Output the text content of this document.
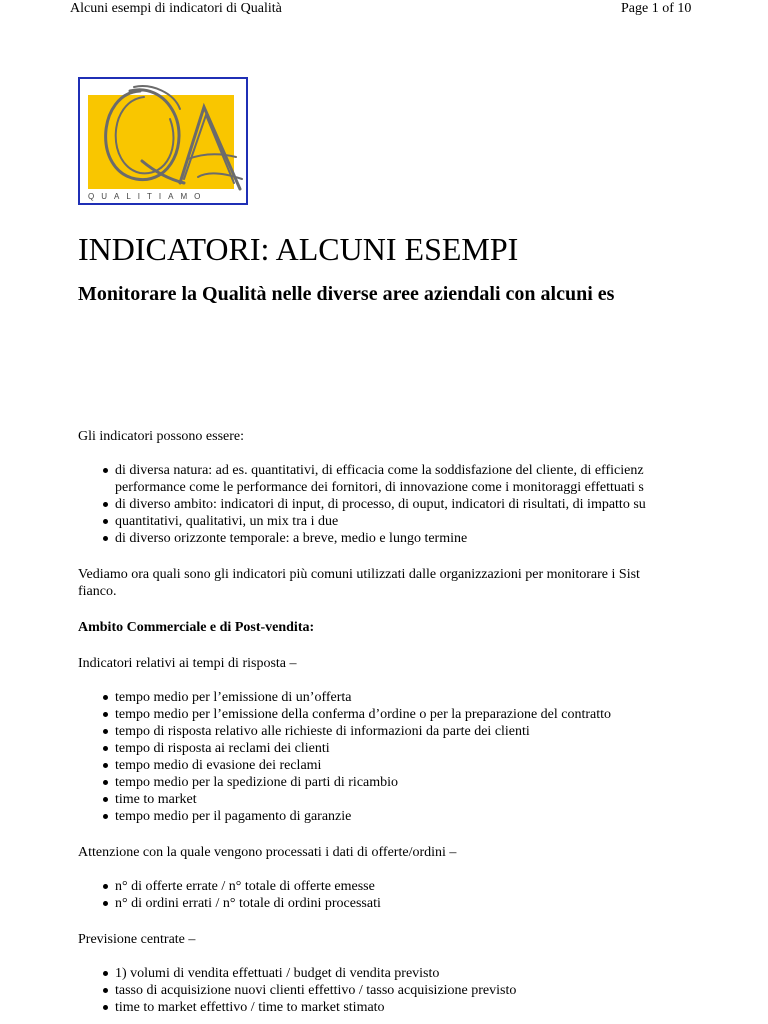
Alcuni esempi di indicatori di Qualità	Page 1 of 10
QUALITIAMO
INDICATORI: ALCUNI ESEMPI
Monitorare la Qualità nelle diverse aree aziendali con alcuni es

Gli indicatori possono essere:

di diversa natura: ad es. quantitativi, di efficacia come la soddisfazione del cliente, di efficienz

performance come le performance dei fornitori, di innovazione come i monitoraggi effettuati s

di diverso ambito: indicatori di input, di processo, di ouput, indicatori di risultati, di impatto su
quantitativi, qualitativi, un mix tra i due
di diverso orizzonte temporale: a breve, medio e lungo termine

Vediamo ora quali sono gli indicatori più comuni utilizzati dalle organizzazioni per monitorare i Sist

fianco.

Ambito Commerciale e di Post-vendita:

Indicatori relativi ai tempi di risposta –

tempo medio per l’emissione di un’offerta
tempo medio per l’emissione della conferma d’ordine o per la preparazione del contratto
tempo di risposta relativo alle richieste di informazioni da parte dei clienti
tempo di risposta ai reclami dei clienti
tempo medio di evasione dei reclami
tempo medio per la spedizione di parti di ricambio
time to market
tempo medio per il pagamento di garanzie

Attenzione con la quale vengono processati i dati di offerte/ordini –

n° di offerte errate / n° totale di offerte emesse
n° di ordini errati / n° totale di ordini processati

Previsione centrate –

1) volumi di vendita effettuati / budget di vendita previsto
tasso di acquisizione nuovi clienti effettivo / tasso acquisizione previsto
time to market effettivo / time to market stimato
